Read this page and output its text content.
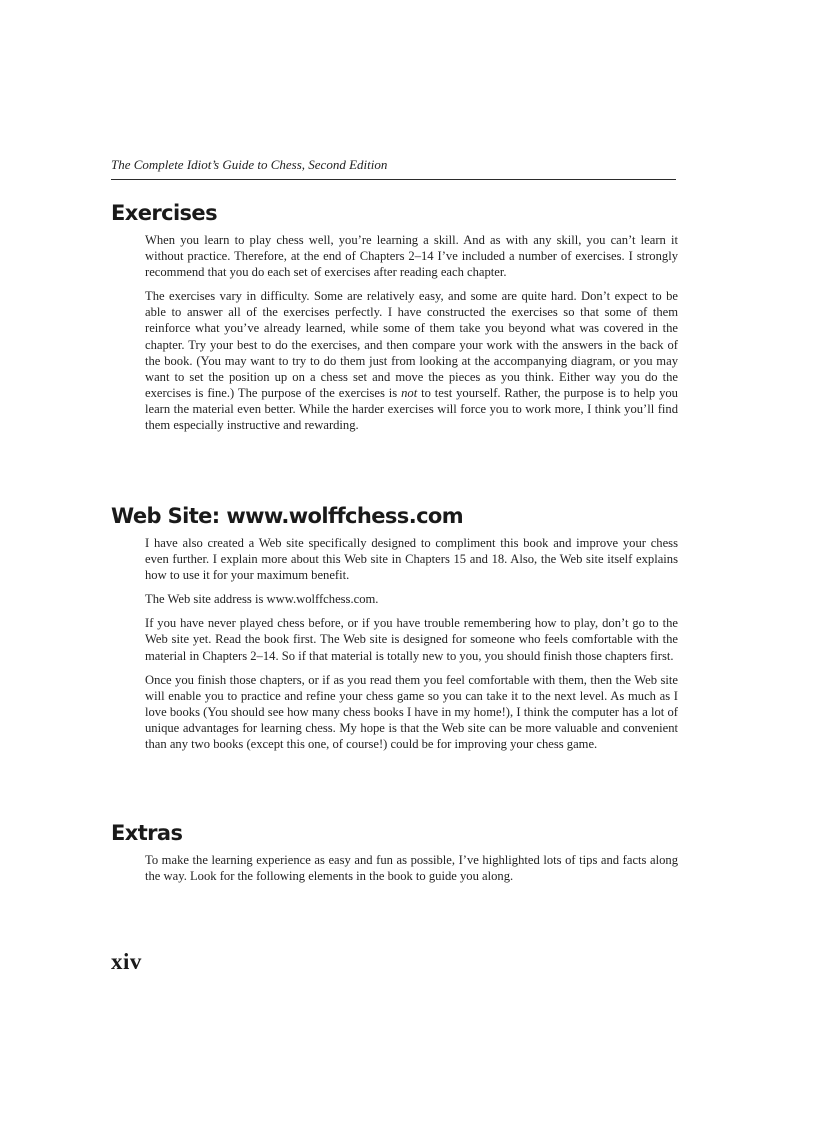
The Complete Idiot’s Guide to Chess, Second Edition
Exercises

When you learn to play chess well, you’re learning a skill. And as with any skill, you can’t learn it without practice. Therefore, at the end of Chapters 2–14 I’ve included a number of exercises. I strongly recommend that you do each set of exercises after reading each chapter.

The exercises vary in difficulty. Some are relatively easy, and some are quite hard. Don’t expect to be able to answer all of the exercises perfectly. I have constructed the exercises so that some of them reinforce what you’ve already learned, while some of them take you beyond what was covered in the chapter. Try your best to do the exercises, and then compare your work with the answers in the back of the book. (You may want to try to do them just from looking at the accompanying diagram, or you may want to set the position up on a chess set and move the pieces as you think. Either way you do the exercises is fine.) The purpose of the exercises is not to test yourself. Rather, the purpose is to help you learn the material even better. While the harder exercises will force you to work more, I think you’ll find them especially instructive and rewarding.

Web Site: www.wolffchess.com

I have also created a Web site specifically designed to compliment this book and improve your chess even further. I explain more about this Web site in Chapters 15 and 18. Also, the Web site itself explains how to use it for your maximum benefit.

The Web site address is www.wolffchess.com.

If you have never played chess before, or if you have trouble remembering how to play, don’t go to the Web site yet. Read the book first. The Web site is designed for someone who feels comfortable with the material in Chapters 2–14. So if that material is totally new to you, you should finish those chapters first.

Once you finish those chapters, or if as you read them you feel comfortable with them, then the Web site will enable you to practice and refine your chess game so you can take it to the next level. As much as I love books (You should see how many chess books I have in my home!), I think the computer has a lot of unique advantages for learning chess. My hope is that the Web site can be more valuable and convenient than any two books (except this one, of course!) could be for improving your chess game.

Extras

To make the learning experience as easy and fun as possible, I’ve highlighted lots of tips and facts along the way. Look for the following elements in the book to guide you along.

xiv
